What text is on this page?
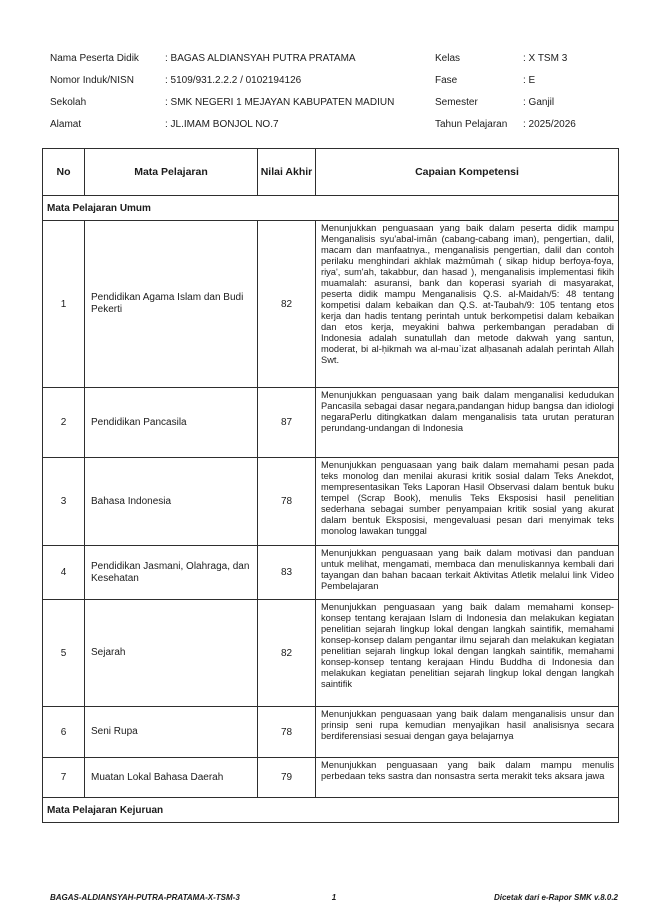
Nama Peserta Didik	: BAGAS ALDIANSYAH PUTRA PRATAMA
Nomor Induk/NISN	: 5109/931.2.2.2 / 0102194126
Sekolah	: SMK NEGERI 1 MEJAYAN KABUPATEN MADIUN
Alamat	: JL.IMAM BONJOL NO.7
Kelas	: X TSM 3
Fase	: E
Semester	: Ganjil
Tahun Pelajaran	: 2025/2026
No	Mata Pelajaran	Nilai Akhir	Capaian Kompetensi
Mata Pelajaran Umum			
1	Pendidikan Agama Islam dan Budi Pekerti	82	Menunjukkan penguasaan yang baik dalam peserta didik mampu Menganalisis syu'abal-imān (cabang-cabang iman), pengertian, dalil, macam dan manfaatnya., menganalisis pengertian, dalil dan contoh perilaku menghindari akhlak mażmūmah ( sikap hidup berfoya-foya, riya', sum'ah, takabbur, dan hasad ), menganalisis implementasi fikih muamalah: asuransi, bank dan koperasi syariah di masyarakat, peserta didik mampu Menganalisis Q.S. al-Maidah/5: 48 tentang kompetisi dalam kebaikan dan Q.S. at-Taubah/9: 105 tentang etos kerja dan hadis tentang perintah untuk berkompetisi dalam kebaikan dan etos kerja, meyakini bahwa perkembangan peradaban di Indonesia adalah sunatullah dan metode dakwah yang santun, moderat, bi al-ḥikmah wa al-mau`izat alḥasanah adalah perintah Allah Swt.
2	Pendidikan Pancasila	87	Menunjukkan penguasaan yang baik dalam menganalisi kedudukan Pancasila sebagai dasar negara,pandangan hidup bangsa dan idiologi negaraPerlu ditingkatkan dalam menganalisis tata urutan peraturan perundang-undangan di Indonesia
3	Bahasa Indonesia	78	Menunjukkan penguasaan yang baik dalam memahami pesan pada teks monolog dan menilai akurasi kritik sosial dalam Teks Anekdot, mempresentasikan Teks Laporan Hasil Observasi dalam bentuk buku tempel (Scrap Book), menulis Teks Eksposisi hasil penelitian sederhana sebagai sumber penyampaian kritik sosial yang akurat dalam bentuk Eksposisi, mengevaluasi pesan dari menyimak teks monolog lawakan tunggal
4	Pendidikan Jasmani, Olahraga, dan Kesehatan	83	Menunjukkan penguasaan yang baik dalam motivasi dan panduan untuk melihat, mengamati, membaca dan menuliskannya kembali dari tayangan dan bahan bacaan terkait Aktivitas Atletik melalui link Video Pembelajaran
5	Sejarah	82	Menunjukkan penguasaan yang baik dalam memahami konsep-konsep tentang kerajaan Islam di Indonesia dan melakukan kegiatan penelitian sejarah lingkup lokal dengan langkah saintifik, memahami konsep-konsep dalam pengantar ilmu sejarah dan melakukan kegiatan penelitian sejarah lingkup lokal dengan langkah saintifik, memahami konsep-konsep tentang kerajaan Hindu Buddha di Indonesia dan melakukan kegiatan penelitian sejarah lingkup lokal dengan langkah saintifik
6	Seni Rupa	78	Menunjukkan penguasaan yang baik dalam menganalisis unsur dan prinsip seni rupa kemudian menyajikan hasil analisisnya secara berdiferensiasi sesuai dengan gaya belajarnya
7	Muatan Lokal Bahasa Daerah	79	Menunjukkan penguasaan yang baik dalam mampu menulis perbedaan teks sastra dan nonsastra serta merakit teks aksara jawa
Mata Pelajaran Kejuruan			
BAGAS-ALDIANSYAH-PUTRA-PRATAMA-X-TSM-3	1	Dicetak dari e-Rapor SMK v.8.0.2
